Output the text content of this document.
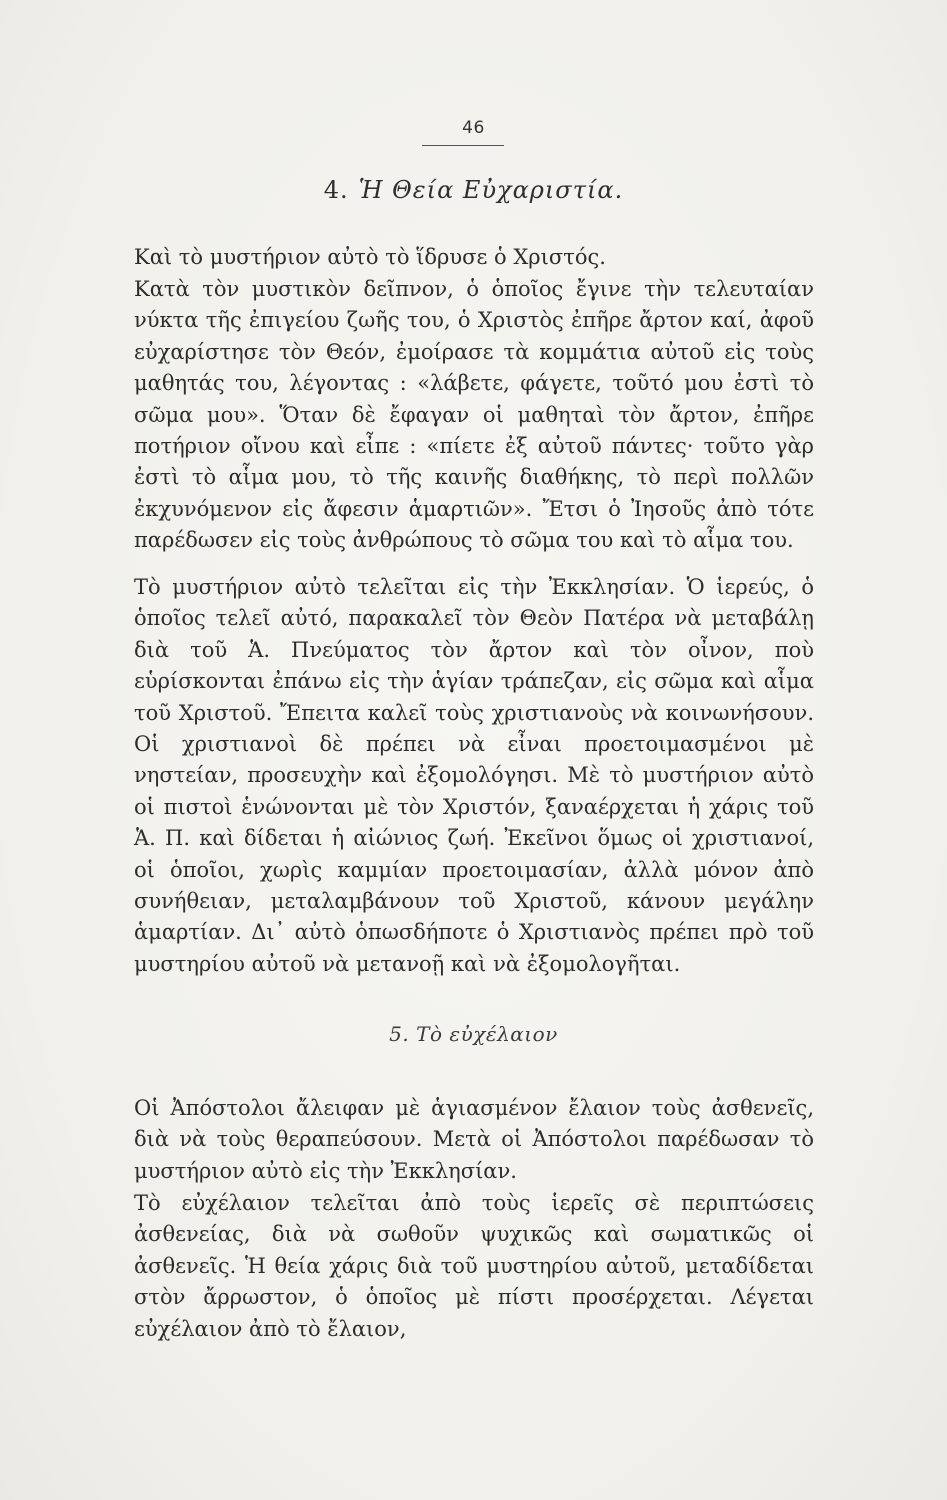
46
4. Ἡ Θεία Εὐχαριστία.

Καὶ τὸ μυστήριον αὐτὸ τὸ ἵδρυσε ὁ Χριστός.

Κατὰ τὸν μυστικὸν δεῖπνον, ὁ ὁποῖος ἔγινε τὴν τελευταίαν νύκτα τῆς ἐπιγείου ζωῆς του, ὁ Χριστὸς ἐπῆρε ἄρτον καί, ἀφοῦ εὐχαρίστησε τὸν Θεόν, ἐμοίρασε τὰ κομμάτια αὐτοῦ εἰς τοὺς μαθητάς του, λέγοντας : «λάβετε, φάγετε, τοῦτό μου ἐστὶ τὸ σῶμα μου». Ὅταν δὲ ἔφαγαν οἱ μαθηταὶ τὸν ἄρτον, ἐπῆρε ποτήριον οἴνου καὶ εἶπε : «πίετε ἐξ αὐτοῦ πάντες· τοῦτο γὰρ ἐστὶ τὸ αἷμα μου, τὸ τῆς καινῆς διαθήκης, τὸ περὶ πολλῶν ἐκχυνόμενον εἰς ἄφεσιν ἁμαρτιῶν». Ἔτσι ὁ Ἰησοῦς ἀπὸ τότε παρέδωσεν εἰς τοὺς ἀνθρώπους τὸ σῶμα του καὶ τὸ αἷμα του.

Τὸ μυστήριον αὐτὸ τελεῖται εἰς τὴν Ἐκκλησίαν. Ὁ ἱερεύς, ὁ ὁποῖος τελεῖ αὐτό, παρακαλεῖ τὸν Θεὸν Πατέρα νὰ μεταβάλῃ διὰ τοῦ Ἁ. Πνεύματος τὸν ἄρτον καὶ τὸν οἶνον, ποὺ εὑρίσκονται ἐπάνω εἰς τὴν ἁγίαν τράπεζαν, εἰς σῶμα καὶ αἷμα τοῦ Χριστοῦ. Ἔπειτα καλεῖ τοὺς χριστιανοὺς νὰ κοινωνήσουν. Οἱ χριστιανοὶ δὲ πρέπει νὰ εἶναι προετοιμασμένοι μὲ νηστείαν, προσευχὴν καὶ ἐξομολόγησι. Μὲ τὸ μυστήριον αὐτὸ οἱ πιστοὶ ἑνώνονται μὲ τὸν Χριστόν, ξαναέρχεται ἡ χάρις τοῦ Ἁ. Π. καὶ δίδεται ἡ αἰώνιος ζωή. Ἐκεῖνοι ὅμως οἱ χριστιανοί, οἱ ὁποῖοι, χωρὶς καμμίαν προετοιμασίαν, ἀλλὰ μόνον ἀπὸ συνήθειαν, μεταλαμβάνουν τοῦ Χριστοῦ, κάνουν μεγάλην ἁμαρτίαν. Δι᾽ αὐτὸ ὁπωσδήποτε ὁ Χριστιανὸς πρέπει πρὸ τοῦ μυστηρίου αὐτοῦ νὰ μετανοῇ καὶ νὰ ἐξομολογῆται.

5. Τὸ εὐχέλαιον

Οἱ Ἀπόστολοι ἄλειφαν μὲ ἁγιασμένον ἔλαιον τοὺς ἀσθενεῖς, διὰ νὰ τοὺς θεραπεύσουν. Μετὰ οἱ Ἀπόστολοι παρέδωσαν τὸ μυστήριον αὐτὸ εἰς τὴν Ἐκκλησίαν.

Τὸ εὐχέλαιον τελεῖται ἀπὸ τοὺς ἱερεῖς σὲ περιπτώσεις ἀσθενείας, διὰ νὰ σωθοῦν ψυχικῶς καὶ σωματικῶς οἱ ἀσθενεῖς. Ἡ θεία χάρις διὰ τοῦ μυστηρίου αὐτοῦ, μεταδίδεται στὸν ἄρρωστον, ὁ ὁποῖος μὲ πίστι προσέρχεται. Λέγεται εὐχέλαιον ἀπὸ τὸ ἔλαιον,
